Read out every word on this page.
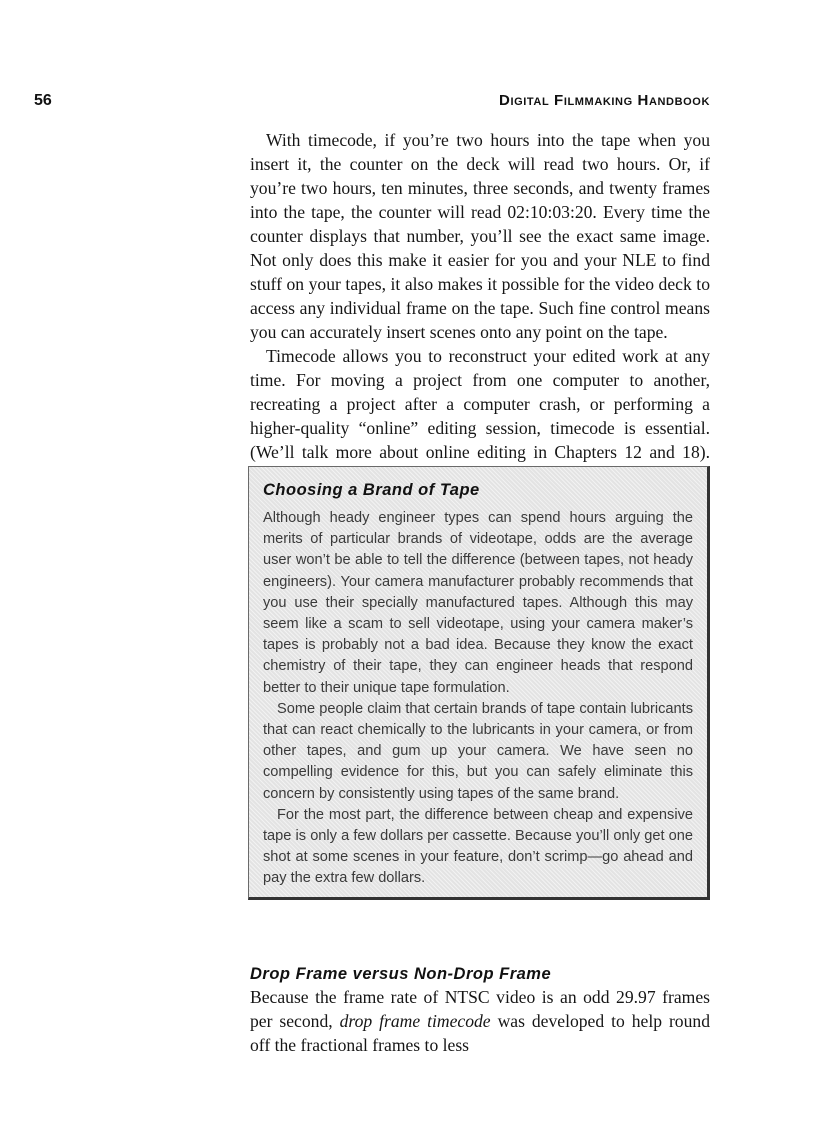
56	Digital Filmmaking Handbook

With timecode, if you’re two hours into the tape when you insert it, the counter on the deck will read two hours. Or, if you’re two hours, ten minutes, three seconds, and twenty frames into the tape, the counter will read 02:10:03:20. Every time the counter displays that number, you’ll see the exact same image. Not only does this make it easier for you and your NLE to find stuff on your tapes, it also makes it possible for the video deck to access any individual frame on the tape. Such fine control means you can accurately insert scenes onto any point on the tape.

Timecode allows you to reconstruct your edited work at any time. For moving a project from one computer to another, recreating a project after a computer crash, or performing a higher-quality “online” editing session, timecode is essential. (We’ll talk more about online editing in Chapters 12 and 18).

Choosing a Brand of Tape

Although heady engineer types can spend hours arguing the merits of particular brands of videotape, odds are the average user won’t be able to tell the difference (between tapes, not heady engineers). Your camera manufacturer probably recommends that you use their specially manufactured tapes. Although this may seem like a scam to sell videotape, using your camera maker’s tapes is probably not a bad idea. Because they know the exact chemistry of their tape, they can engineer heads that respond better to their unique tape formulation.

Some people claim that certain brands of tape contain lubricants that can react chemically to the lubricants in your camera, or from other tapes, and gum up your camera. We have seen no compelling evidence for this, but you can safely eliminate this concern by consistently using tapes of the same brand.

For the most part, the difference between cheap and expensive tape is only a few dollars per cassette. Because you’ll only get one shot at some scenes in your feature, don’t scrimp—go ahead and pay the extra few dollars.

Drop Frame versus Non-Drop Frame

Because the frame rate of NTSC video is an odd 29.97 frames per second, drop frame timecode was developed to help round off the fractional frames to less
